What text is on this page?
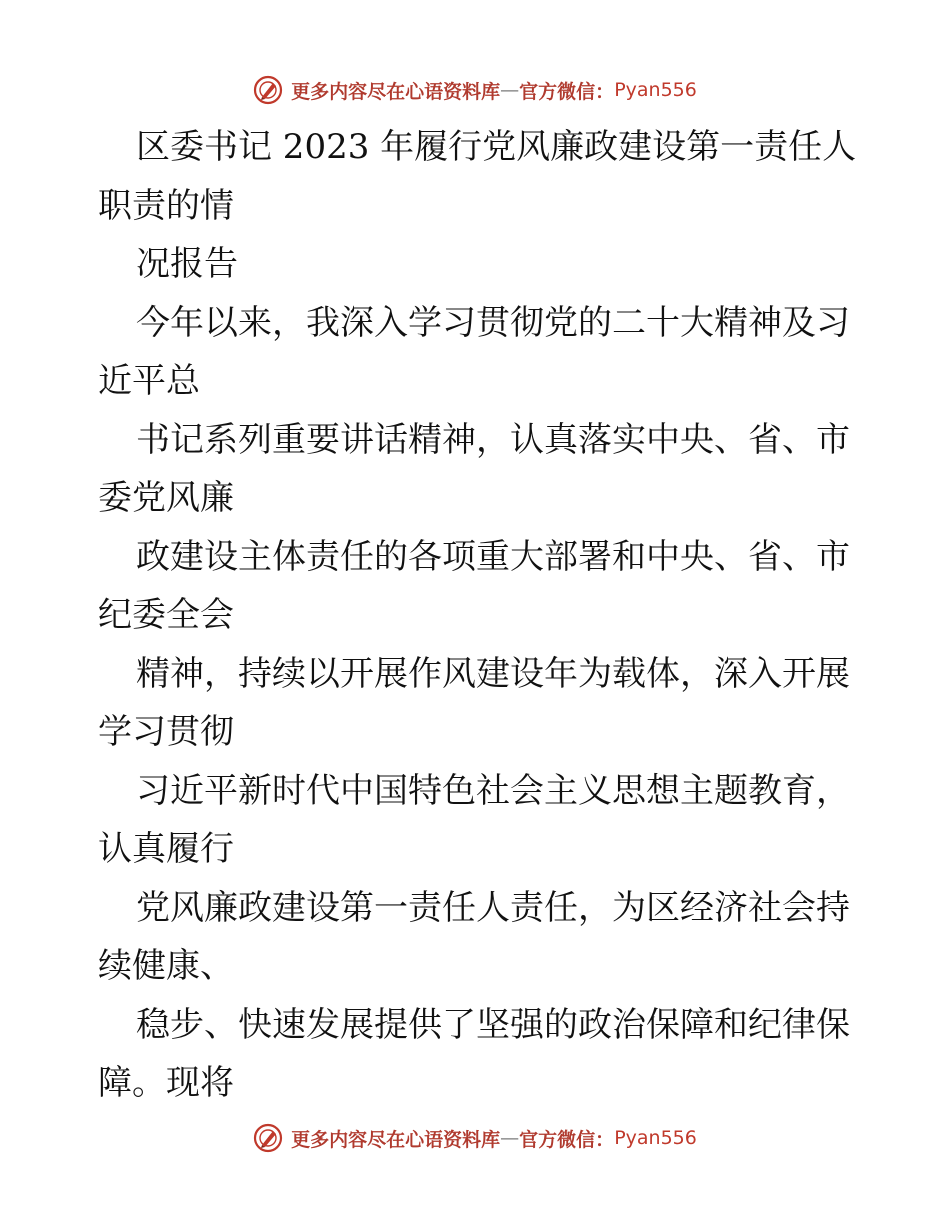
更多内容尽在心语资料库 — 官方微信： Pyan556
区委书记 2023 年履行党风廉政建设第一责任人
职责的情
况报告
今年以来，我深入学习贯彻党的二十大精神及习
近平总
书记系列重要讲话精神，认真落实中央、省、市
委党风廉
政建设主体责任的各项重大部署和中央、省、市
纪委全会
精神，持续以开展作风建设年为载体，深入开展
学习贯彻
习近平新时代中国特色社会主义思想主题教育，
认真履行
党风廉政建设第一责任人责任，为区经济社会持
续健康、
稳步、快速发展提供了坚强的政治保障和纪律保
障。现将
更多内容尽在心语资料库 — 官方微信： Pyan556
